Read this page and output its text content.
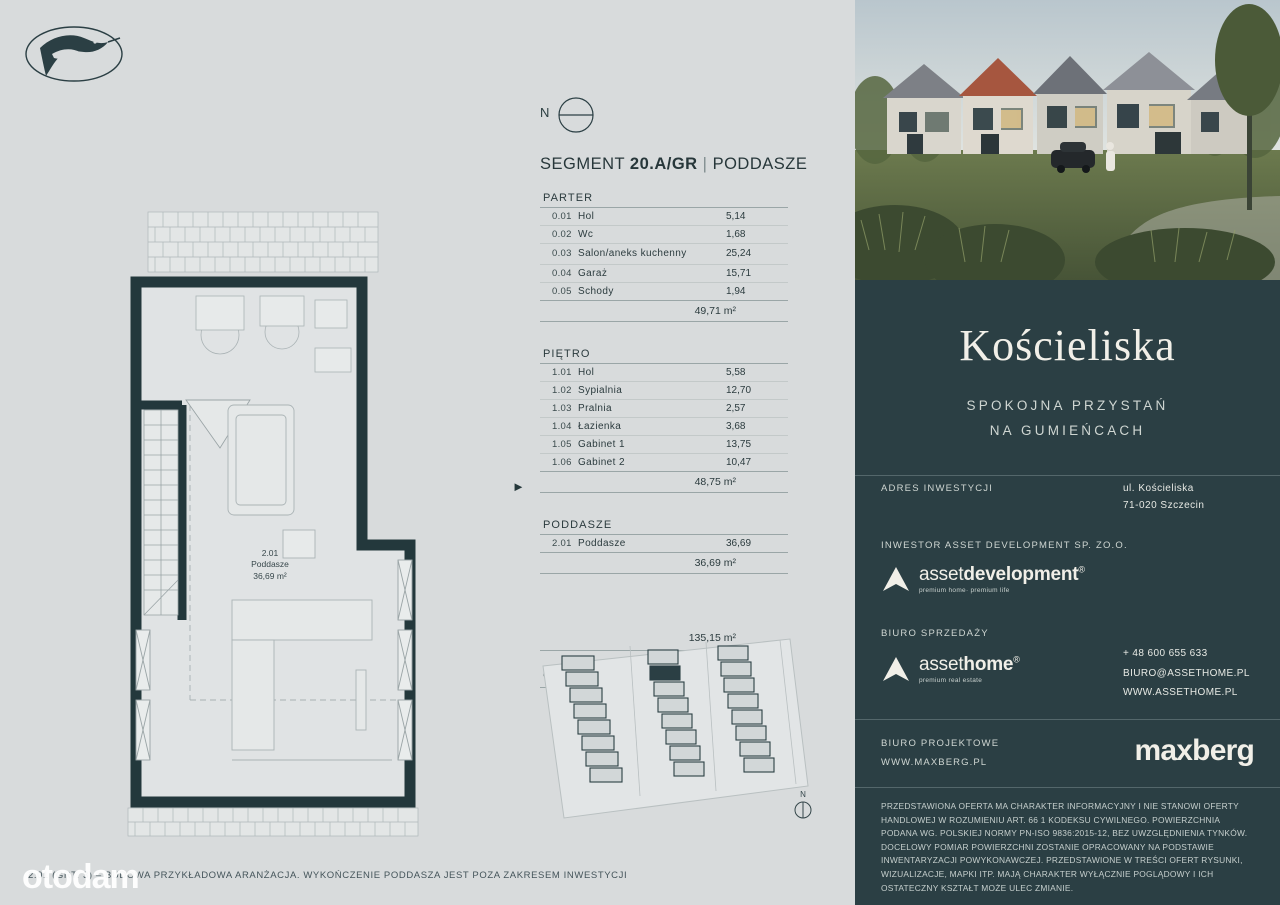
N
SEGMENT 20.A/GR | PODDASZE
►
PARTER
0.01	Hol	5,14
0.02	Wc	1,68
0.03	Salon/aneks kuchenny	25,24
0.04	Garaż	15,71
0.05	Schody	1,94
49,71 m²
PIĘTRO
1.01	Hol	5,58
1.02	Sypialnia	12,70
1.03	Pralnia	2,57
1.04	Łazienka	3,68
1.05	Gabinet 1	13,75
1.06	Gabinet 2	10,47
48,75 m²
PODDASZE
2.01	Poddasze	36,69
36,69 m²
135,15 m²
2.01
Poddasze
36,69 m²
N
2.01 (GRT. 3) – BUDOWA PRZYKŁADOWA ARANŻACJA. WYKOŃCZENIE PODDASZA JEST POZA ZAKRESEM INWESTYCJI
otodam
Kościeliska
SPOKOJNA PRZYSTAŃ
NA GUMIEŃCACH
ADRES INWESTYCJI	ul. Kościeliska
71-020 Szczecin
INWESTOR ASSET DEVELOPMENT SP. ZO.O.
assetdevelopment®
premium home· premium life
BIURO SPRZEDAŻY
assethome®
premium real estate
+ 48 600 655 633
BIURO@ASSETHOME.PL
WWW.ASSETHOME.PL
BIURO PROJEKTOWE
WWW.MAXBERG.PL	maxberg
PRZEDSTAWIONA OFERTA MA CHARAKTER INFORMACYJNY I NIE STANOWI OFERTY HANDLOWEJ W ROZUMIENIU ART. 66 1 KODEKSU CYWILNEGO. POWIERZCHNIA PODANA WG. POLSKIEJ NORMY PN-ISO 9836:2015-12, BEZ UWZGLĘDNIENIA TYNKÓW. DOCELOWY POMIAR POWIERZCHNI ZOSTANIE OPRACOWANY NA PODSTAWIE INWENTARYZACJI POWYKONAWCZEJ. PRZEDSTAWIONE W TREŚCI OFERT RYSUNKI, WIZUALIZACJE, MAPKI ITP. MAJĄ CHARAKTER WYŁĄCZNIE POGLĄDOWY I ICH OSTATECZNY KSZTAŁT MOŻE ULEC ZMIANIE.
